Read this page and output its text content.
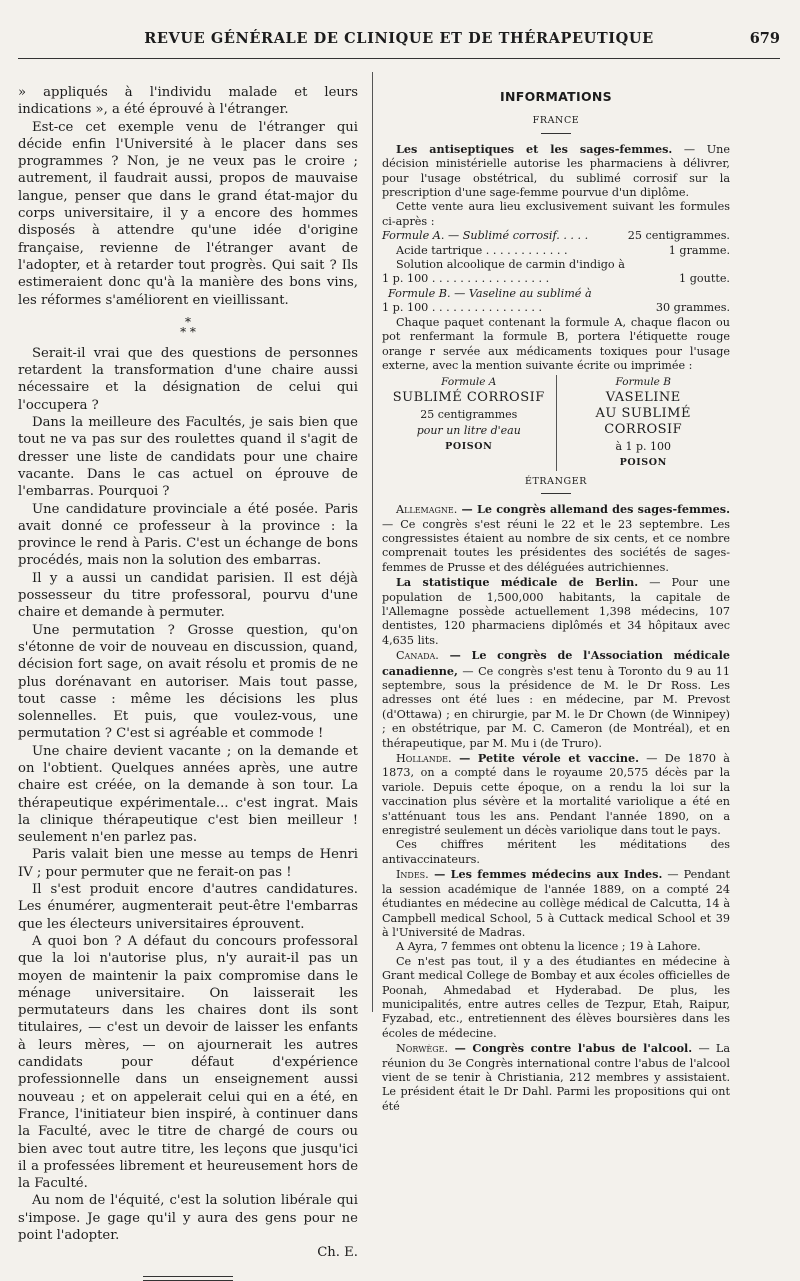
REVUE GÉNÉRALE DE CLINIQUE ET DE THÉRAPEUTIQUE	679

» appliqués à l'individu malade et leurs indications », a été éprouvé à l'étranger.

Est-ce cet exemple venu de l'étranger qui décide enfin l'Université à le placer dans ses programmes ? Non, je ne veux pas le croire ; autrement, il faudrait aussi, propos de mauvaise langue, penser que dans le grand état-major du corps universitaire, il y a encore des hommes disposés à attendre qu'une idée d'origine française, revienne de l'étranger avant de l'adopter, et à retarder tout progrès. Qui sait ? Ils estimeraient donc qu'à la manière des bons vins, les réformes s'améliorent en vieillissant.

*
* *

Serait-il vrai que des questions de personnes retardent la transformation d'une chaire aussi nécessaire et la désignation de celui qui l'occupera ?

Dans la meilleure des Facultés, je sais bien que tout ne va pas sur des roulettes quand il s'agit de dresser une liste de candidats pour une chaire vacante. Dans le cas actuel on éprouve de l'embarras. Pourquoi ?

Une candidature provinciale a été posée. Paris avait donné ce professeur à la province : la province le rend à Paris. C'est un échange de bons procédés, mais non la solution des embarras.

Il y a aussi un candidat parisien. Il est déjà possesseur du titre professoral, pourvu d'une chaire et demande à permuter.

Une permutation ? Grosse question, qu'on s'étonne de voir de nouveau en discussion, quand, décision fort sage, on avait résolu et promis de ne plus dorénavant en autoriser. Mais tout passe, tout casse : même les décisions les plus solennelles. Et puis, que voulez-vous, une permutation ? C'est si agréable et commode !

Une chaire devient vacante ; on la demande et on l'obtient. Quelques années après, une autre chaire est créée, on la demande à son tour. La thérapeutique expérimentale... c'est ingrat. Mais la clinique thérapeutique c'est bien meilleur ! seulement n'en parlez pas.

Paris valait bien une messe au temps de Henri IV ; pour permuter que ne ferait-on pas !

Il s'est produit encore d'autres candidatures. Les énumérer, augmenterait peut-être l'embarras que les électeurs universitaires éprouvent.

A quoi bon ? A défaut du concours professoral que la loi n'autorise plus, n'y aurait-il pas un moyen de maintenir la paix compromise dans le ménage universitaire. On laisserait les permutateurs dans les chaires dont ils sont titulaires, — c'est un devoir de laisser les enfants à leurs mères, — on ajournerait les autres candidats pour défaut d'expérience professionnelle dans un enseignement aussi nouveau ; et on appelerait celui qui en a été, en France, l'initiateur bien inspiré, à continuer dans la Faculté, avec le titre de chargé de cours ou bien avec tout autre titre, les leçons que jusqu'ici il a professées librement et heureusement hors de la Faculté.

Au nom de l'équité, c'est la solution libérale qui s'impose. Je gage qu'il y aura des gens pour ne point l'adopter.

Ch. E.
INFORMATIONS
FRANCE

Les antiseptiques et les sages-femmes. — Une décision ministérielle autorise les pharmaciens à délivrer, pour l'usage obstétrical, du sublimé corrosif sur la prescription d'une sage-femme pourvue d'un diplôme.

Cette vente aura lieu exclusivement suivant les formules ci-après :

Formule A. — Sublimé corrosif. . . . .	25 centigrammes.
Acide tartrique . . . . . . . . . . . .	1 gramme.
Solution alcoolique de carmin d'indigo à
1 p. 100 . . . . . . . . . . . . . . . . .	1 goutte.
Formule B. — Vaseline au sublimé à
1 p. 100 . . . . . . . . . . . . . . . .	30 grammes.

Chaque paquet contenant la formule A, chaque flacon ou pot renfermant la formule B, portera l'étiquette rouge orange r servée aux médicaments toxiques pour l'usage externe, avec la mention suivante écrite ou imprimée :

Formule A
SUBLIMÉ CORROSIF
25 centigrammes
pour un litre d'eau
POISON
Formule B
VASELINE
AU SUBLIMÉ CORROSIF
à 1 p. 100
POISON
ÉTRANGER

Allemagne. — Le congrès allemand des sages-femmes. — Ce congrès s'est réuni le 22 et le 23 septembre. Les congressistes étaient au nombre de six cents, et ce nombre comprenait toutes les présidentes des sociétés de sages-femmes de Prusse et des déléguées autrichiennes.

La statistique médicale de Berlin. — Pour une population de 1,500,000 habitants, la capitale de l'Allemagne possède actuellement 1,398 médecins, 107 dentistes, 120 pharmaciens diplômés et 34 hôpitaux avec 4,635 lits.

Canada. — Le congrès de l'Association médicale canadienne, — Ce congrès s'est tenu à Toronto du 9 au 11 septembre, sous la présidence de M. le Dr Ross. Les adresses ont été lues : en médecine, par M. Prevost (d'Ottawa) ; en chirurgie, par M. le Dr Chown (de Winnipey) ; en obstétrique, par M. C. Cameron (de Montréal), et en thérapeutique, par M. Mu i (de Truro).

Hollande. — Petite vérole et vaccine. — De 1870 à 1873, on a compté dans le royaume 20,575 décès par la variole. Depuis cette époque, on a rendu la loi sur la vaccination plus sévère et la mortalité variolique a été en s'atténuant tous les ans. Pendant l'année 1890, on a enregistré seulement un décès variolique dans tout le pays.

Ces chiffres méritent les méditations des antivaccinateurs.

Indes. — Les femmes médecins aux Indes. — Pendant la session académique de l'année 1889, on a compté 24 étudiantes en médecine au collège médical de Calcutta, 14 à Campbell medical School, 5 à Cuttack medical School et 39 à l'Université de Madras.

A Ayra, 7 femmes ont obtenu la licence ; 19 à Lahore.

Ce n'est pas tout, il y a des étudiantes en médecine à Grant medical College de Bombay et aux écoles officielles de Poonah, Ahmedabad et Hyderabad. De plus, les municipalités, entre autres celles de Tezpur, Etah, Raipur, Fyzabad, etc., entretiennent des élèves boursières dans les écoles de médecine.

Norwège. — Congrès contre l'abus de l'alcool. — La réunion du 3e Congrès international contre l'abus de l'alcool vient de se tenir à Christiania, 212 membres y assistaient. Le président était le Dr Dahl. Parmi les propositions qui ont été
